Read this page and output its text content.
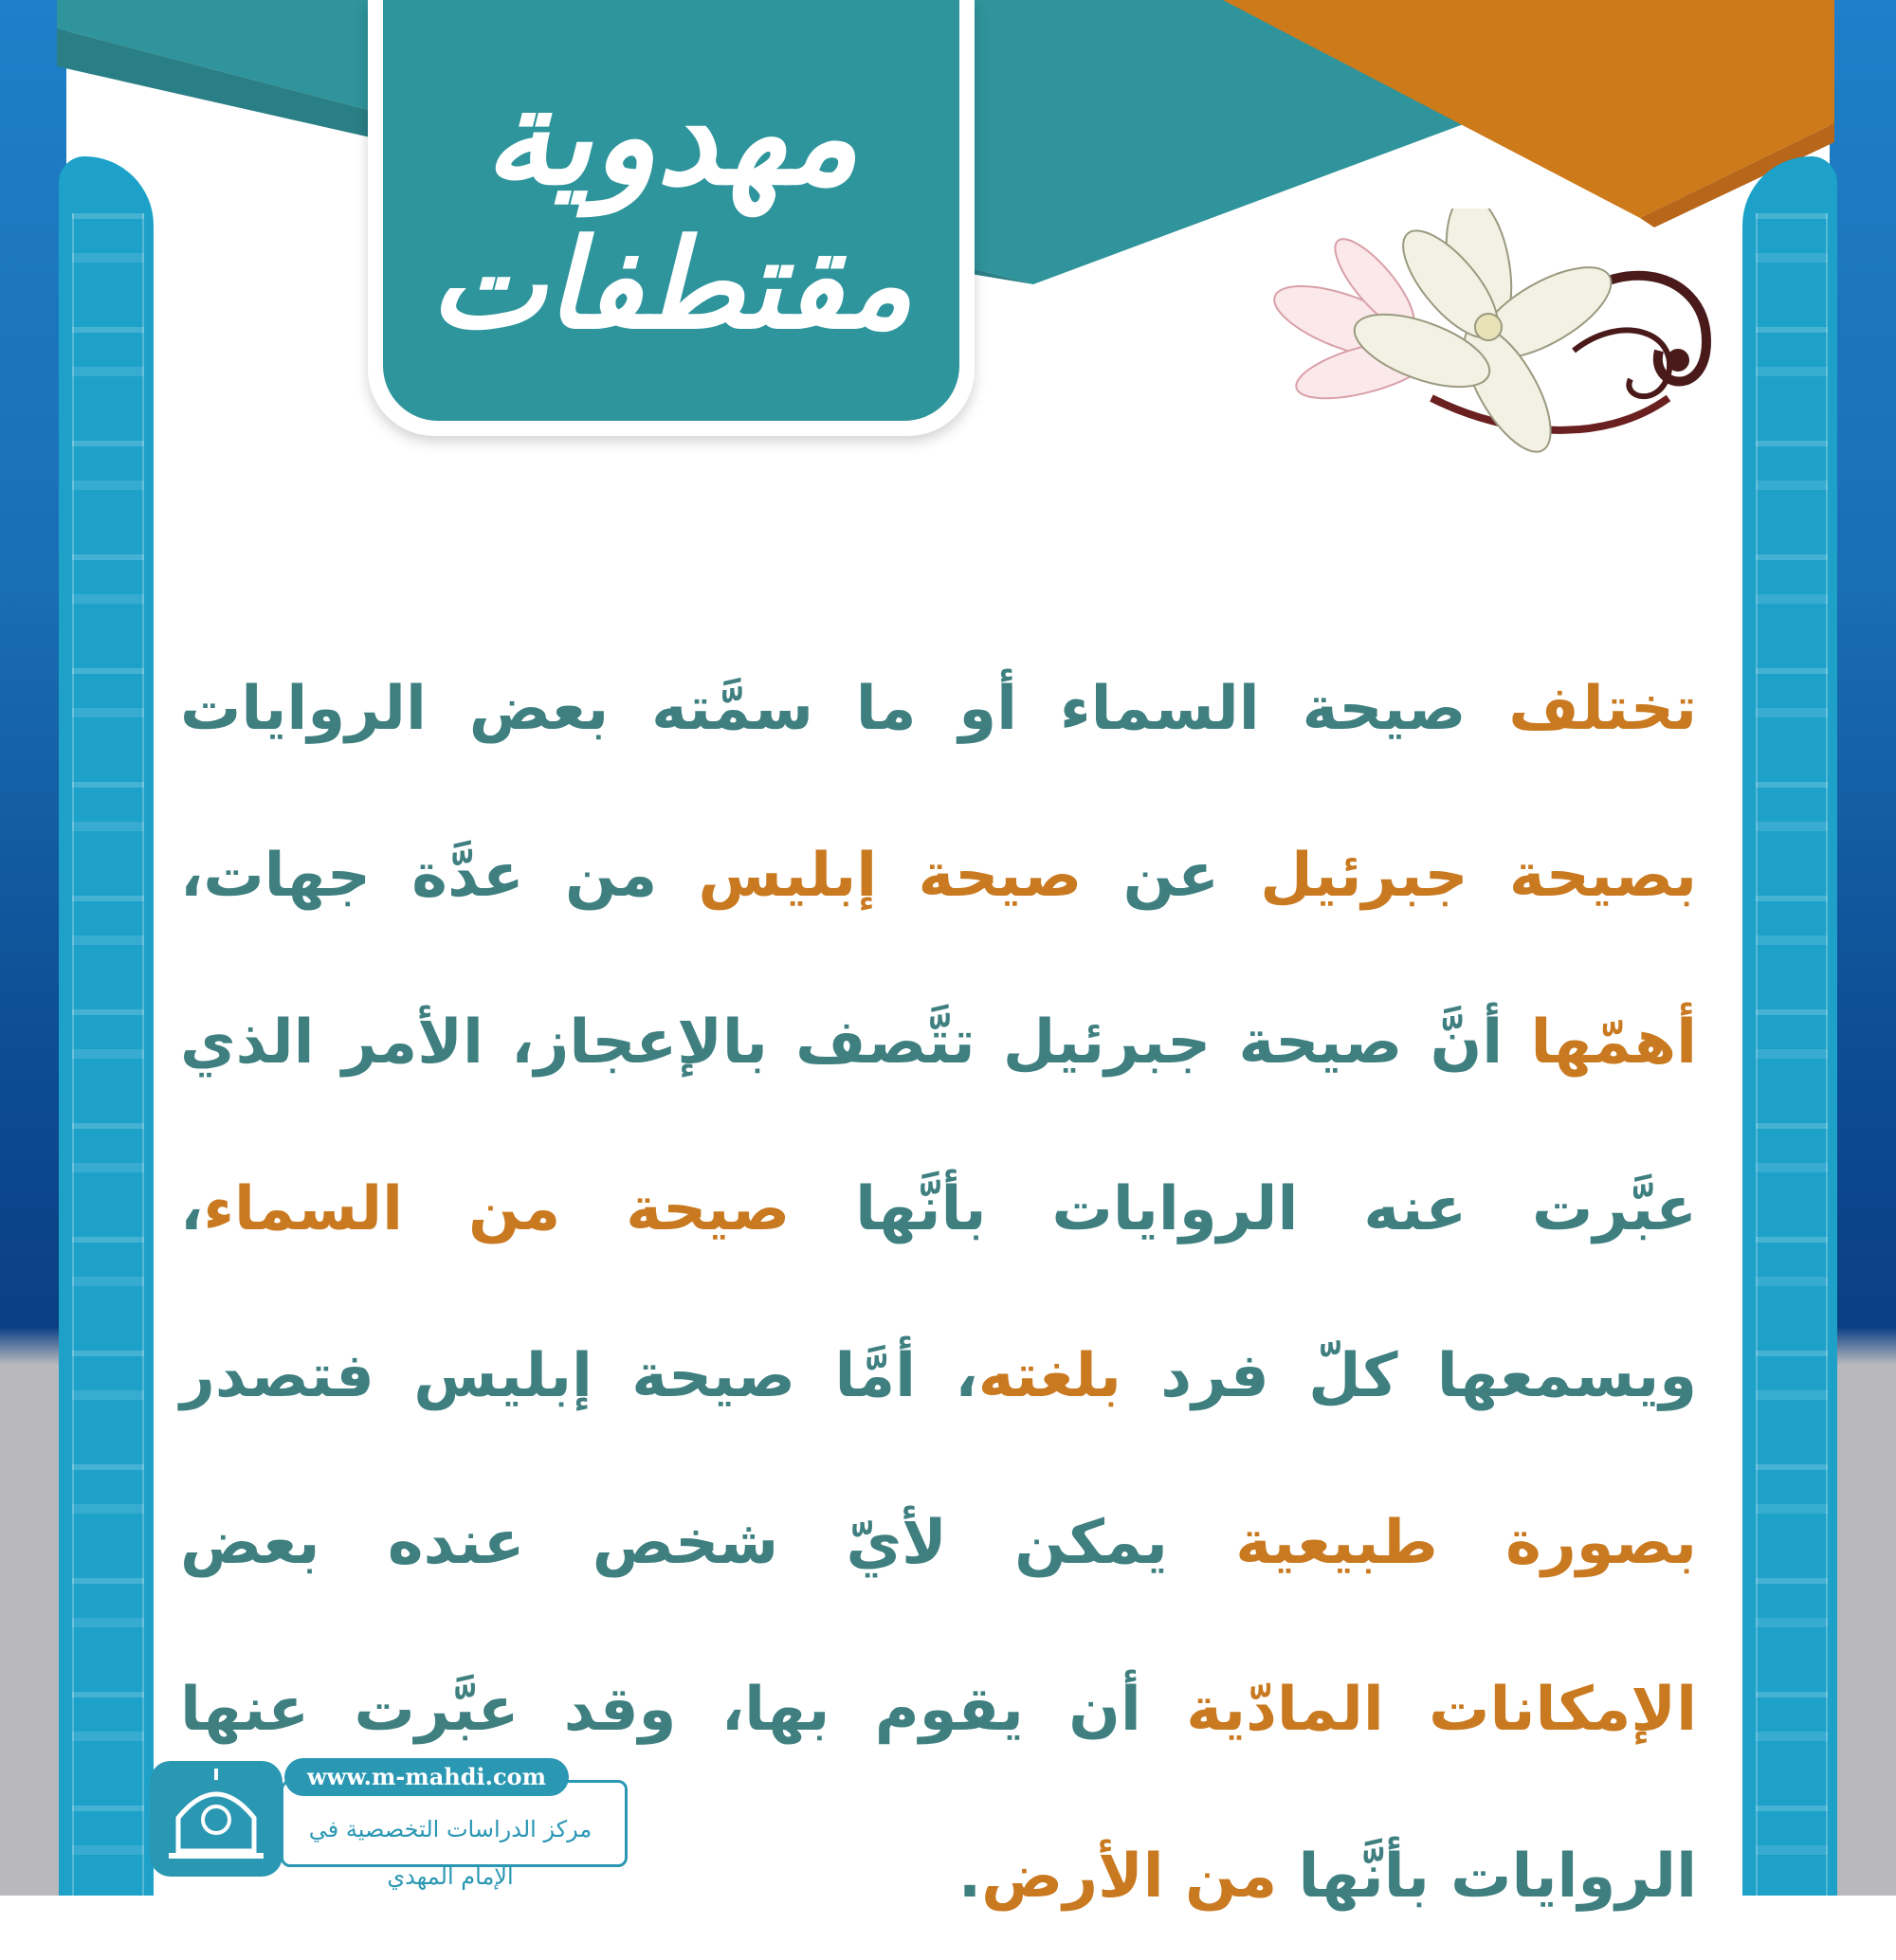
مهدوية
مقتطفات
تختلف صيحة السماء أو ما سمَّته بعض الروايات بصيحة جبرئيل عن صيحة إبليس من عدَّة جهات، أهمّها أنَّ صيحة جبرئيل تتَّصف بالإعجاز، الأمر الذي عبَّرت عنه الروايات بأنَّها صيحة من السماء، ويسمعها كلّ فرد بلغته، أمَّا صيحة إبليس فتصدر بصورة طبيعية يمكن لأيّ شخص عنده بعض الإمكانات المادّية أن يقوم بها، وقد عبَّرت عنها الروايات بأنَّها من الأرض.
www.m-mahdi.com
مركز الدراسات التخصصية في الإمام المهدي
